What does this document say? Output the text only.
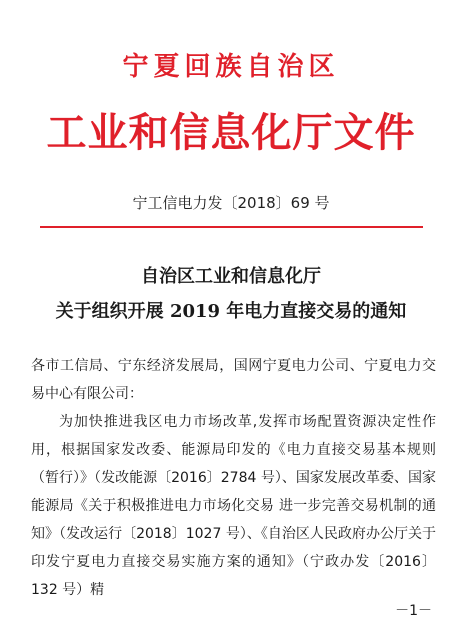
宁夏回族自治区
工业和信息化厅文件
宁工信电力发〔2018〕69 号
自治区工业和信息化厅
关于组织开展 2019 年电力直接交易的通知

各市工信局、宁东经济发展局，国网宁夏电力公司、宁夏电力交易中心有限公司：

为加快推进我区电力市场改革,发挥市场配置资源决定性作用，根据国家发改委、能源局印发的《电力直接交易基本规则（暂行）》（发改能源〔2016〕2784 号）、国家发展改革委、国家能源局《关于积极推进电力市场化交易 进一步完善交易机制的通知》（发改运行〔2018〕1027 号）、《自治区人民政府办公厅关于印发宁夏电力直接交易实施方案的通知》（宁政办发〔2016〕132 号）精

－1－
